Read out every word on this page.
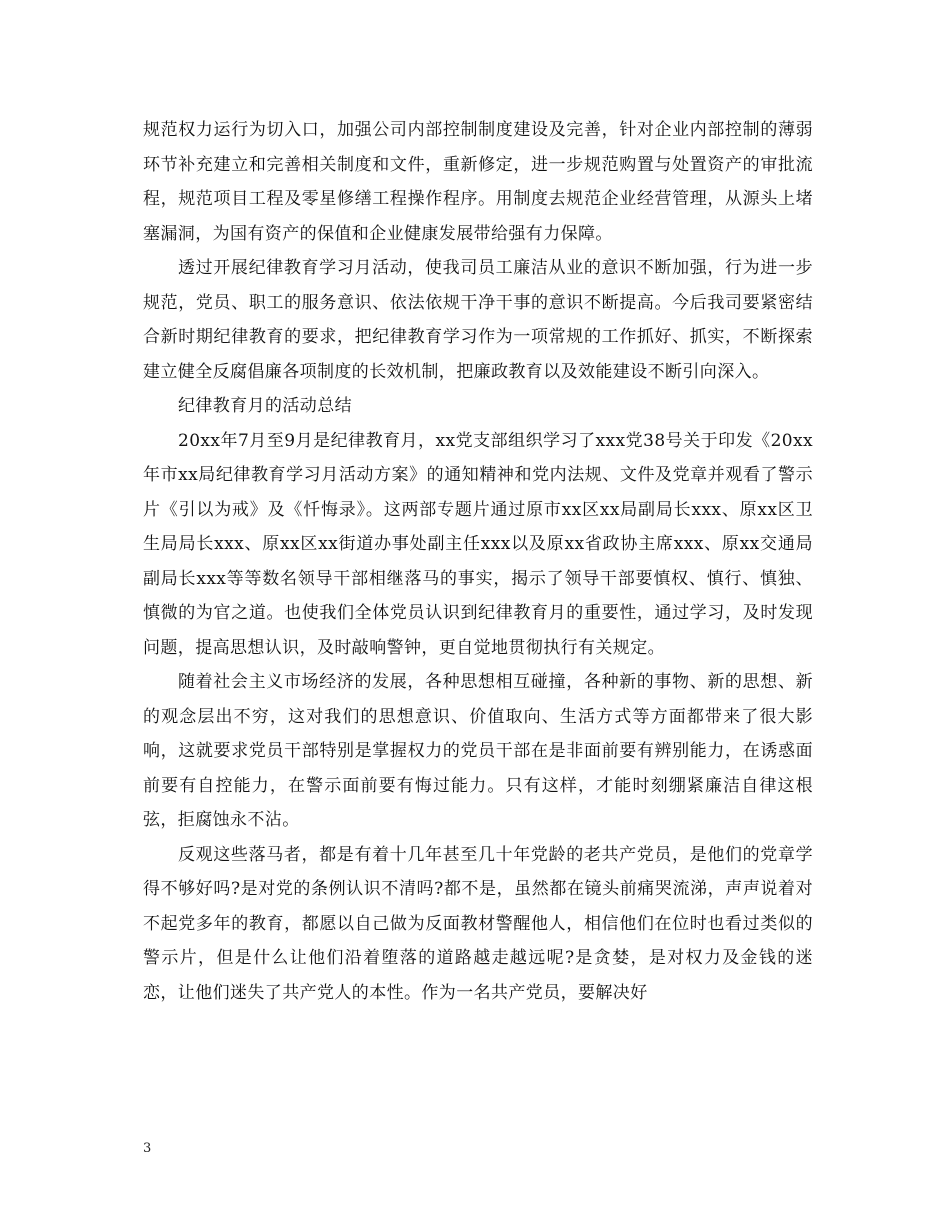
规范权力运行为切入口，加强公司内部控制制度建设及完善，针对企业内部控制的薄弱环节补充建立和完善相关制度和文件，重新修定，进一步规范购置与处置资产的审批流程，规范项目工程及零星修缮工程操作程序。用制度去规范企业经营管理，从源头上堵塞漏洞，为国有资产的保值和企业健康发展带给强有力保障。

透过开展纪律教育学习月活动，使我司员工廉洁从业的意识不断加强，行为进一步规范，党员、职工的服务意识、依法依规干净干事的意识不断提高。今后我司要紧密结合新时期纪律教育的要求，把纪律教育学习作为一项常规的工作抓好、抓实，不断探索建立健全反腐倡廉各项制度的长效机制，把廉政教育以及效能建设不断引向深入。

纪律教育月的活动总结

20xx年7月至9月是纪律教育月，xx党支部组织学习了xxx党38号关于印发《20xx年市xx局纪律教育学习月活动方案》的通知精神和党内法规、文件及党章并观看了警示片《引以为戒》及《忏悔录》。这两部专题片通过原市xx区xx局副局长xxx、原xx区卫生局局长xxx、原xx区xx街道办事处副主任xxx以及原xx省政协主席xxx、原xx交通局副局长xxx等等数名领导干部相继落马的事实，揭示了领导干部要慎权、慎行、慎独、慎微的为官之道。也使我们全体党员认识到纪律教育月的重要性，通过学习，及时发现问题，提高思想认识，及时敲响警钟，更自觉地贯彻执行有关规定。

随着社会主义市场经济的发展，各种思想相互碰撞，各种新的事物、新的思想、新的观念层出不穷，这对我们的思想意识、价值取向、生活方式等方面都带来了很大影响，这就要求党员干部特别是掌握权力的党员干部在是非面前要有辨别能力，在诱惑面前要有自控能力，在警示面前要有悔过能力。只有这样，才能时刻绷紧廉洁自律这根弦，拒腐蚀永不沾。

反观这些落马者，都是有着十几年甚至几十年党龄的老共产党员，是他们的党章学得不够好吗?是对党的条例认识不清吗?都不是，虽然都在镜头前痛哭流涕，声声说着对不起党多年的教育，都愿以自己做为反面教材警醒他人，相信他们在位时也看过类似的警示片，但是什么让他们沿着堕落的道路越走越远呢?是贪婪，是对权力及金钱的迷恋，让他们迷失了共产党人的本性。作为一名共产党员，要解决好

3
